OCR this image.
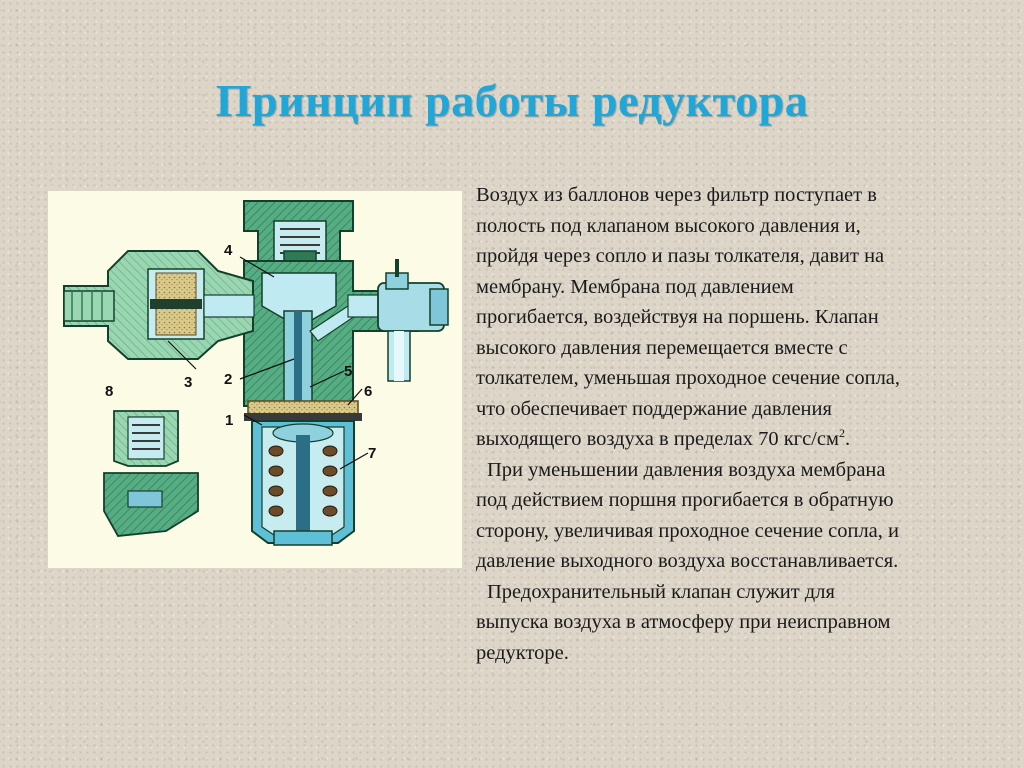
Принцип работы редуктора
1
2
3
4
5
6
7
8
Воздух из баллонов через фильтр поступает в
полость под клапаном высокого давления и,
пройдя через сопло и пазы толкателя, давит на
мембрану. Мембрана под давлением
прогибается, воздействуя на поршень. Клапан
высокого давления перемещается вместе с
толкателем, уменьшая проходное сечение сопла,
что обеспечивает поддержание давления
выходящего воздуха в пределах 70 кгс/$см^2$.
При уменьшении давления воздуха мембрана
под действием поршня прогибается в обратную
сторону, увеличивая проходное сечение сопла, и
давление выходного воздуха восстанавливается.
Предохранительный клапан служит для
выпуска воздуха в атмосферу при неисправном
редукторе.
